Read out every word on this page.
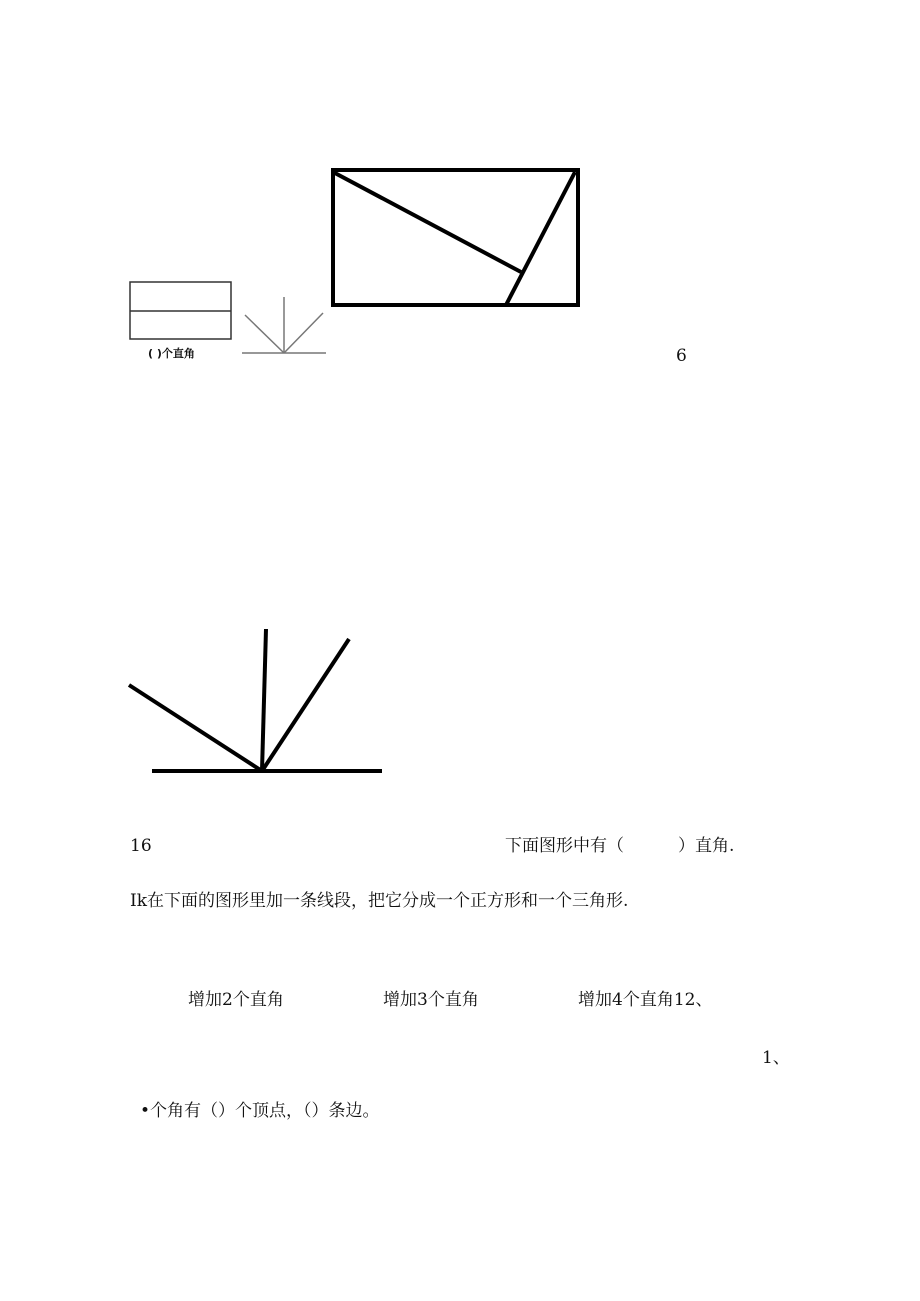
( )个直角	6
16	下面图形中有（          ）直角.
Ik在下面的图形里加一条线段，把它分成一个正方形和一个三角形.
增加2个直角	增加3个直角	增加4个直角12、
1、
•个角有（）个顶点，（）条边。
